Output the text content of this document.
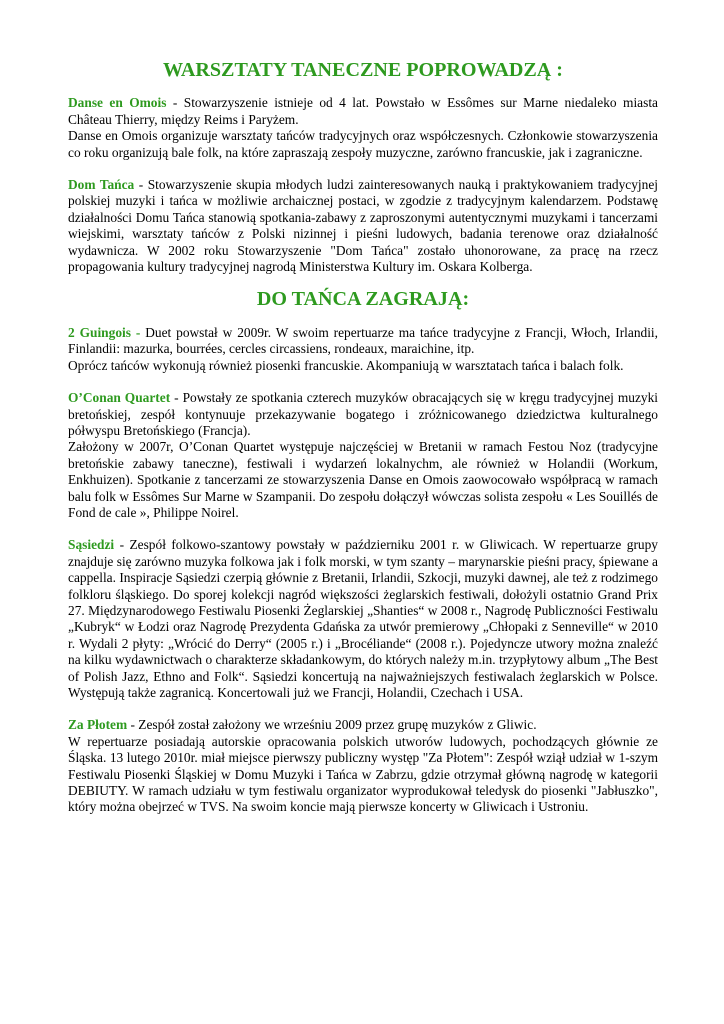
WARSZTATY TANECZNE POPROWADZĄ :

Danse en Omois - Stowarzyszenie istnieje od 4 lat. Powstało w Essômes sur Marne niedaleko miasta Château Thierry, między Reims i Paryżem.

Danse en Omois organizuje warsztaty tańców tradycyjnych oraz współczesnych. Członkowie stowarzyszenia co roku organizują bale folk, na które zapraszają zespoły muzyczne, zarówno francuskie, jak i zagraniczne.

Dom Tańca - Stowarzyszenie skupia młodych ludzi zainteresowanych nauką i praktykowaniem tradycyjnej polskiej muzyki i tańca w możliwie archaicznej postaci, w zgodzie z tradycyjnym kalendarzem. Podstawę działalności Domu Tańca stanowią spotkania-zabawy z zaproszonymi autentycznymi muzykami i tancerzami wiejskimi, warsztaty tańców z Polski nizinnej i pieśni ludowych, badania terenowe oraz działalność wydawnicza. W 2002 roku Stowarzyszenie "Dom Tańca" zostało uhonorowane, za pracę na rzecz propagowania kultury tradycyjnej nagrodą Ministerstwa Kultury im. Oskara Kolberga.

DO TAŃCA ZAGRAJĄ:

2 Guingois - Duet powstał w 2009r. W swoim repertuarze ma tańce tradycyjne z Francji, Włoch, Irlandii, Finlandii: mazurka, bourrées, cercles circassiens, rondeaux, maraichine, itp.

Oprócz tańców wykonują również piosenki francuskie. Akompaniują w warsztatach tańca i balach folk.

O’Conan Quartet - Powstały ze spotkania czterech muzyków obracających się w kręgu tradycyjnej muzyki bretońskiej, zespół kontynuuje przekazywanie bogatego i zróżnicowanego dziedzictwa kulturalnego półwyspu Bretońskiego (Francja).

Założony w 2007r, O’Conan Quartet występuje najczęściej w Bretanii w ramach Festou Noz (tradycyjne bretońskie zabawy taneczne), festiwali i wydarzeń lokalnychm, ale również w Holandii (Workum, Enkhuizen). Spotkanie z tancerzami ze stowarzyszenia Danse en Omois zaowocowało współpracą w ramach balu folk w Essômes Sur Marne w Szampanii. Do zespołu dołączył wówczas solista zespołu « Les Souillés de Fond de cale », Philippe Noirel.

Sąsiedzi - Zespół folkowo-szantowy powstały w październiku 2001 r. w Gliwicach. W repertuarze grupy znajduje się zarówno muzyka folkowa jak i folk morski, w tym szanty – marynarskie pieśni pracy, śpiewane a cappella. Inspiracje Sąsiedzi czerpią głównie z Bretanii, Irlandii, Szkocji, muzyki dawnej, ale też z rodzimego folkloru śląskiego. Do sporej kolekcji nagród większości żeglarskich festiwali, dołożyli ostatnio Grand Prix 27. Międzynarodowego Festiwalu Piosenki Żeglarskiej „Shanties“ w 2008 r., Nagrodę Publiczności Festiwalu „Kubryk“ w Łodzi oraz Nagrodę Prezydenta Gdańska za utwór premierowy „Chłopaki z Senneville“ w 2010 r. Wydali 2 płyty: „Wrócić do Derry“ (2005 r.) i „Brocéliande“ (2008 r.). Pojedyncze utwory można znaleźć na kilku wydawnictwach o charakterze składankowym, do których należy m.in. trzypłytowy album „The Best of Polish Jazz, Ethno and Folk“. Sąsiedzi koncertują na najważniejszych festiwalach żeglarskich w Polsce. Występują także zagranicą. Koncertowali już we Francji, Holandii, Czechach i USA.

Za Płotem - Zespół został założony we wrześniu 2009 przez grupę muzyków z Gliwic.

W repertuarze posiadają autorskie opracowania polskich utworów ludowych, pochodzących głównie ze Śląska. 13 lutego 2010r. miał miejsce pierwszy publiczny występ "Za Płotem": Zespół wziął udział w 1-szym Festiwalu Piosenki Śląskiej w Domu Muzyki i Tańca w Zabrzu, gdzie otrzymał główną nagrodę w kategorii DEBIUTY. W ramach udziału w tym festiwalu organizator wyprodukował teledysk do piosenki "Jabłuszko", który można obejrzeć w TVS. Na swoim koncie mają pierwsze koncerty w Gliwicach i Ustroniu.
